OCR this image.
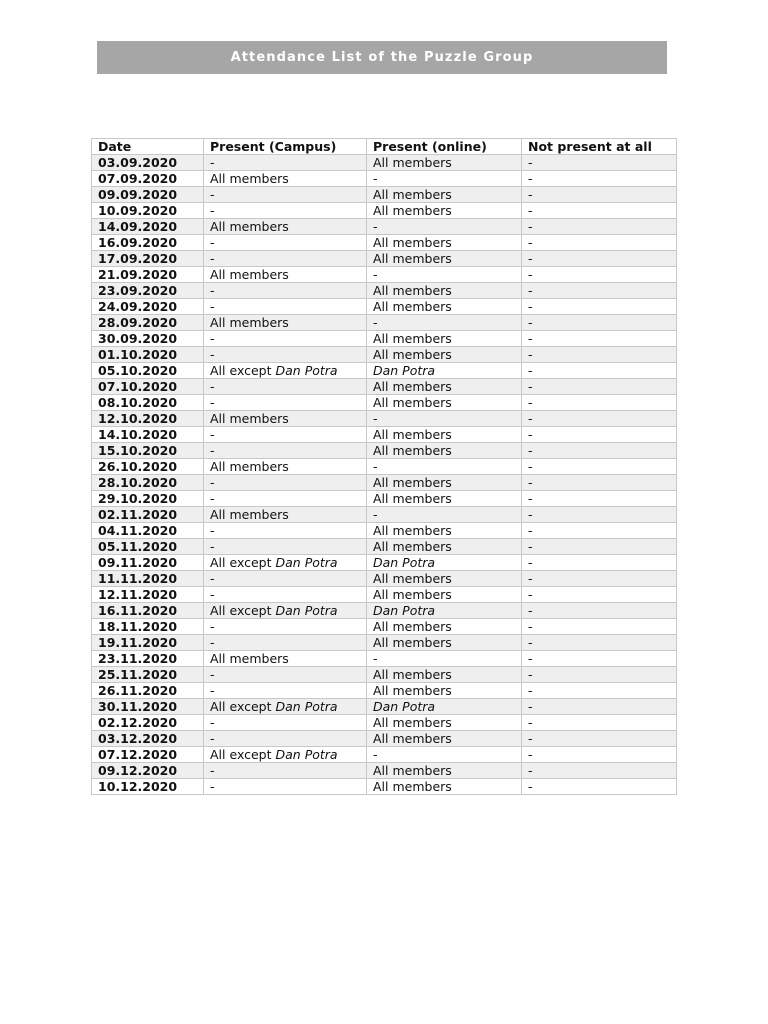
Attendance List of the Puzzle Group
Date	Present (Campus)	Present (online)	Not present at all
03.09.2020	-	All members	-
07.09.2020	All members	-	-
09.09.2020	-	All members	-
10.09.2020	-	All members	-
14.09.2020	All members	-	-
16.09.2020	-	All members	-
17.09.2020	-	All members	-
21.09.2020	All members	-	-
23.09.2020	-	All members	-
24.09.2020	-	All members	-
28.09.2020	All members	-	-
30.09.2020	-	All members	-
01.10.2020	-	All members	-
05.10.2020	All except Dan Potra	Dan Potra	-
07.10.2020	-	All members	-
08.10.2020	-	All members	-
12.10.2020	All members	-	-
14.10.2020	-	All members	-
15.10.2020	-	All members	-
26.10.2020	All members	-	-
28.10.2020	-	All members	-
29.10.2020	-	All members	-
02.11.2020	All members	-	-
04.11.2020	-	All members	-
05.11.2020	-	All members	-
09.11.2020	All except Dan Potra	Dan Potra	-
11.11.2020	-	All members	-
12.11.2020	-	All members	-
16.11.2020	All except Dan Potra	Dan Potra	-
18.11.2020	-	All members	-
19.11.2020	-	All members	-
23.11.2020	All members	-	-
25.11.2020	-	All members	-
26.11.2020	-	All members	-
30.11.2020	All except Dan Potra	Dan Potra	-
02.12.2020	-	All members	-
03.12.2020	-	All members	-
07.12.2020	All except Dan Potra	-	-
09.12.2020	-	All members	-
10.12.2020	-	All members	-
